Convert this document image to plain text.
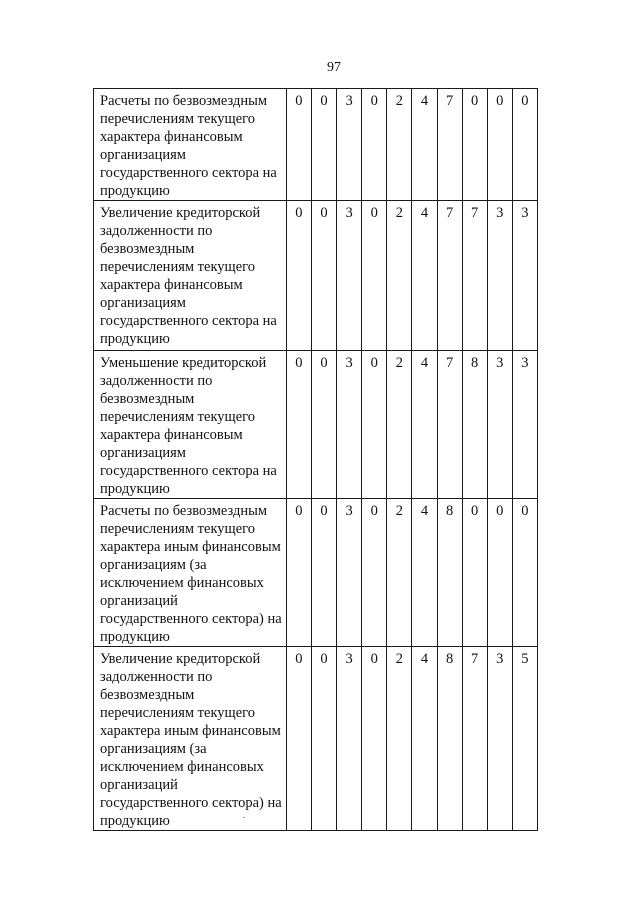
97
Расчеты по безвозмездным перечислениям текущего характера финансовым организациям государственного сектора на продукцию	0	0	3	0	2	4	7	0	0	0
Увеличение кредиторской задолженности по безвозмездным перечислениям текущего характера финансовым организациям государственного сектора на продукцию	0	0	3	0	2	4	7	7	3	3
Уменьшение кредиторской задолженности по безвозмездным перечислениям текущего характера финансовым организациям государственного сектора на продукцию	0	0	3	0	2	4	7	8	3	3
Расчеты по безвозмездным перечислениям текущего характера иным финансовым организациям (за исключением финансовых организаций государственного сектора) на продукцию	0	0	3	0	2	4	8	0	0	0
Увеличение кредиторской задолженности по безвозмездным перечислениям текущего характера иным финансовым организациям (за исключением финансовых организаций государственного сектора) на продукцию	0	0	3	0	2	4	8	7	3	5
